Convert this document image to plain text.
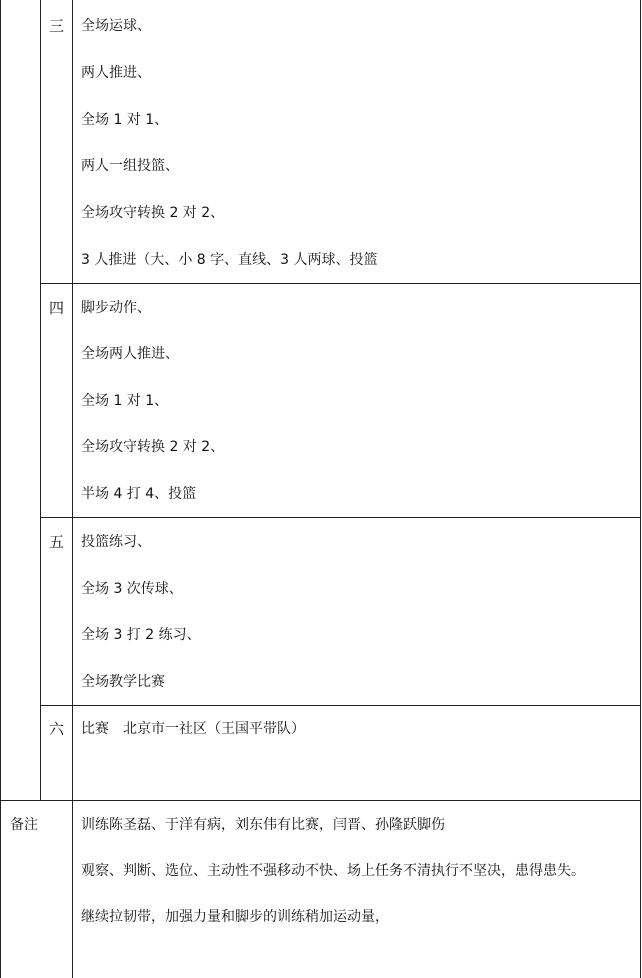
三 全场运球、
两人推进、
全场 1 对 1、
两人一组投篮、
全场攻守转换 2 对 2、
3 人推进（大、小 8 字、直线、3 人两球、投篮
四 脚步动作、
全场两人推进、
全场 1 对 1、
全场攻守转换 2 对 2、
半场 4 打 4、投篮
五 投篮练习、
全场 3 次传球、
全场 3 打 2 练习、
全场教学比赛
六 比赛　北京市一社区（王国平带队）
备注	训练陈圣磊、于洋有病，刘东伟有比赛，闫晋、孙隆跃脚伤
观察、判断、选位、主动性不强移动不快、场上任务不清执行不坚决，患得患失。
继续拉韧带，加强力量和脚步的训练稍加运动量，
